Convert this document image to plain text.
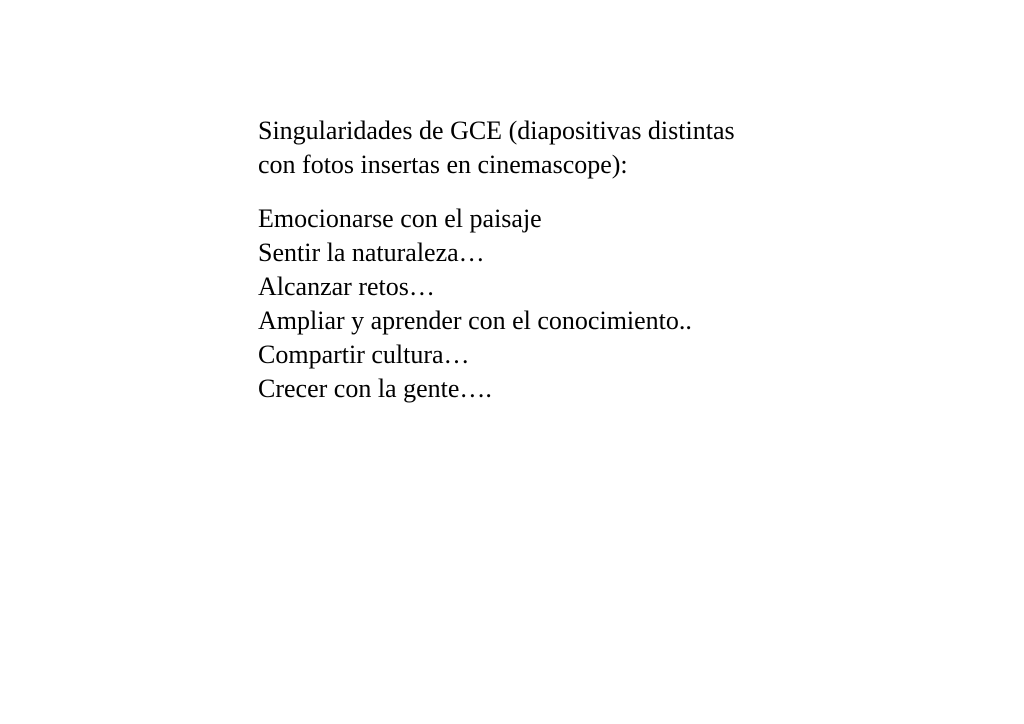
Singularidades de GCE (diapositivas distintas
con fotos insertas en cinemascope):
Emocionarse con el paisaje
Sentir la naturaleza…
Alcanzar retos…
Ampliar y aprender con el conocimiento..
Compartir cultura…
Crecer con la gente….
